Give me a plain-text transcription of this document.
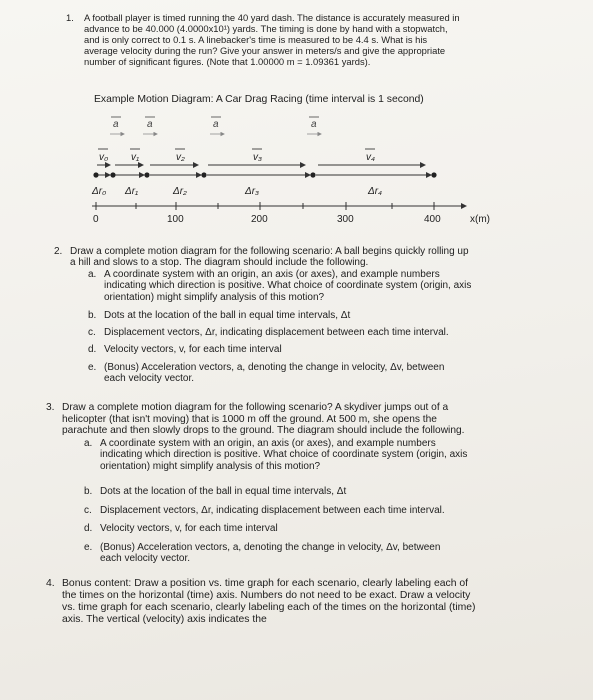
1. A football player is timed running the 40 yard dash. The distance is accurately measured in
advance to be 40.000 (4.0000x10¹) yards. The timing is done by hand with a stopwatch,
and is only correct to 0.1 s. A linebacker's time is measured to be 4.4 s. What is his
average velocity during the run? Give your answer in meters/s and give the appropriate
number of significant figures. (Note that 1.00000 m = 1.09361 yards).
Example Motion Diagram: A Car Drag Racing (time interval is 1 second)
a	a	a	a
v₀ v₁	v₂	v₃	v₄
Δr₀ Δr₁	Δr₂	Δr₃	Δr₄
0	100	200	300	400	x(m)
2. Draw a complete motion diagram for the following scenario: A ball begins quickly rolling up
a hill and slows to a stop. The diagram should include the following.
a. A coordinate system with an origin, an axis (or axes), and example numbers
indicating which direction is positive. What choice of coordinate system (origin, axis
orientation) might simplify analysis of this motion?
b. Dots at the location of the ball in equal time intervals, Δt
c. Displacement vectors, Δr, indicating displacement between each time interval.
d. Velocity vectors, v, for each time interval
e. (Bonus) Acceleration vectors, a, denoting the change in velocity, Δv, between
each velocity vector.
3. Draw a complete motion diagram for the following scenario? A skydiver jumps out of a
helicopter (that isn't moving) that is 1000 m off the ground. At 500 m, she opens the
parachute and then slowly drops to the ground. The diagram should include the following.
a. A coordinate system with an origin, an axis (or axes), and example numbers
indicating which direction is positive. What choice of coordinate system (origin, axis
orientation) might simplify analysis of this motion?
b. Dots at the location of the ball in equal time intervals, Δt
c. Displacement vectors, Δr, indicating displacement between each time interval.
d. Velocity vectors, v, for each time interval
e. (Bonus) Acceleration vectors, a, denoting the change in velocity, Δv, between
each velocity vector.
4. Bonus content: Draw a position vs. time graph for each scenario, clearly labeling each of
the times on the horizontal (time) axis. Numbers do not need to be exact. Draw a velocity
vs. time graph for each scenario, clearly labeling each of the times on the horizontal (time)
axis. The vertical (velocity) axis indicates the
